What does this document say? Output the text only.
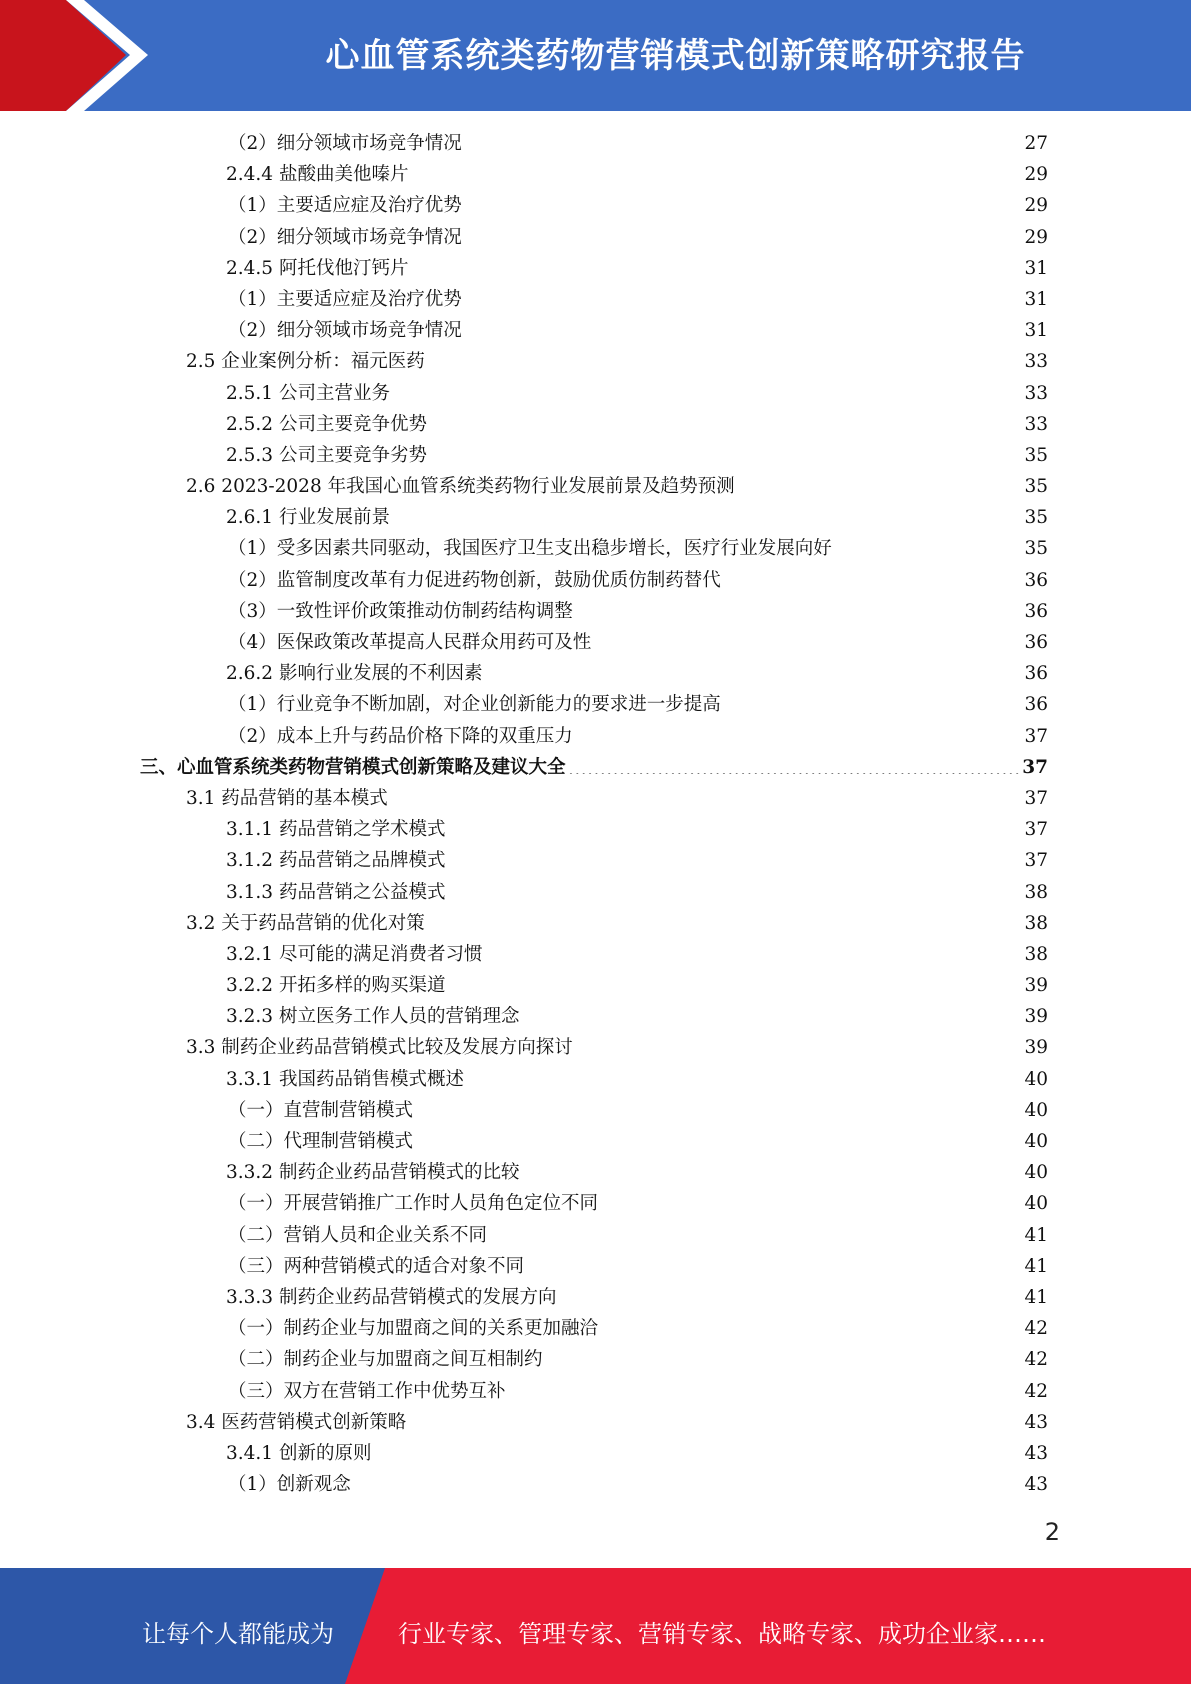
心血管系统类药物营销模式创新策略研究报告
（2）细分领域市场竞争情况 .....	27
2.4.4 盐酸曲美他嗪片 .....	29
（1）主要适应症及治疗优势 .....	29
（2）细分领域市场竞争情况 .....	29
2.4.5 阿托伐他汀钙片 .....	31
（1）主要适应症及治疗优势 .....	31
（2）细分领域市场竞争情况 .....	31
2.5 企业案例分析：福元医药 .....	33
2.5.1 公司主营业务 .....	33
2.5.2 公司主要竞争优势 .....	33
2.5.3 公司主要竞争劣势 .....	35
2.6 2023-2028 年我国心血管系统类药物行业发展前景及趋势预测 .....	35
2.6.1 行业发展前景 .....	35
（1）受多因素共同驱动，我国医疗卫生支出稳步增长，医疗行业发展向好 .....	35
（2）监管制度改革有力促进药物创新，鼓励优质仿制药替代 .....	36
（3）一致性评价政策推动仿制药结构调整 .....	36
（4）医保政策改革提高人民群众用药可及性 .....	36
2.6.2 影响行业发展的不利因素 .....	36
（1）行业竞争不断加剧，对企业创新能力的要求进一步提高 .....	36
（2）成本上升与药品价格下降的双重压力 .....	37
三、心血管系统类药物营销模式创新策略及建议大全 .....	37
3.1 药品营销的基本模式 .....	37
3.1.1 药品营销之学术模式 .....	37
3.1.2 药品营销之品牌模式 .....	37
3.1.3 药品营销之公益模式 .....	38
3.2 关于药品营销的优化对策 .....	38
3.2.1 尽可能的满足消费者习惯 .....	38
3.2.2 开拓多样的购买渠道 .....	39
3.2.3 树立医务工作人员的营销理念 .....	39
3.3 制药企业药品营销模式比较及发展方向探讨 .....	39
3.3.1 我国药品销售模式概述 .....	40
（一）直营制营销模式 .....	40
（二）代理制营销模式 .....	40
3.3.2 制药企业药品营销模式的比较 .....	40
（一）开展营销推广工作时人员角色定位不同 .....	40
（二）营销人员和企业关系不同 .....	41
（三）两种营销模式的适合对象不同 .....	41
3.3.3 制药企业药品营销模式的发展方向 .....	41
（一）制药企业与加盟商之间的关系更加融洽 .....	42
（二）制药企业与加盟商之间互相制约 .....	42
（三）双方在营销工作中优势互补 .....	42
3.4 医药营销模式创新策略 .....	43
3.4.1 创新的原则 .....	43
（1）创新观念 .....	43
2
让每个人都能成为	行业专家、管理专家、营销专家、战略专家、成功企业家……
